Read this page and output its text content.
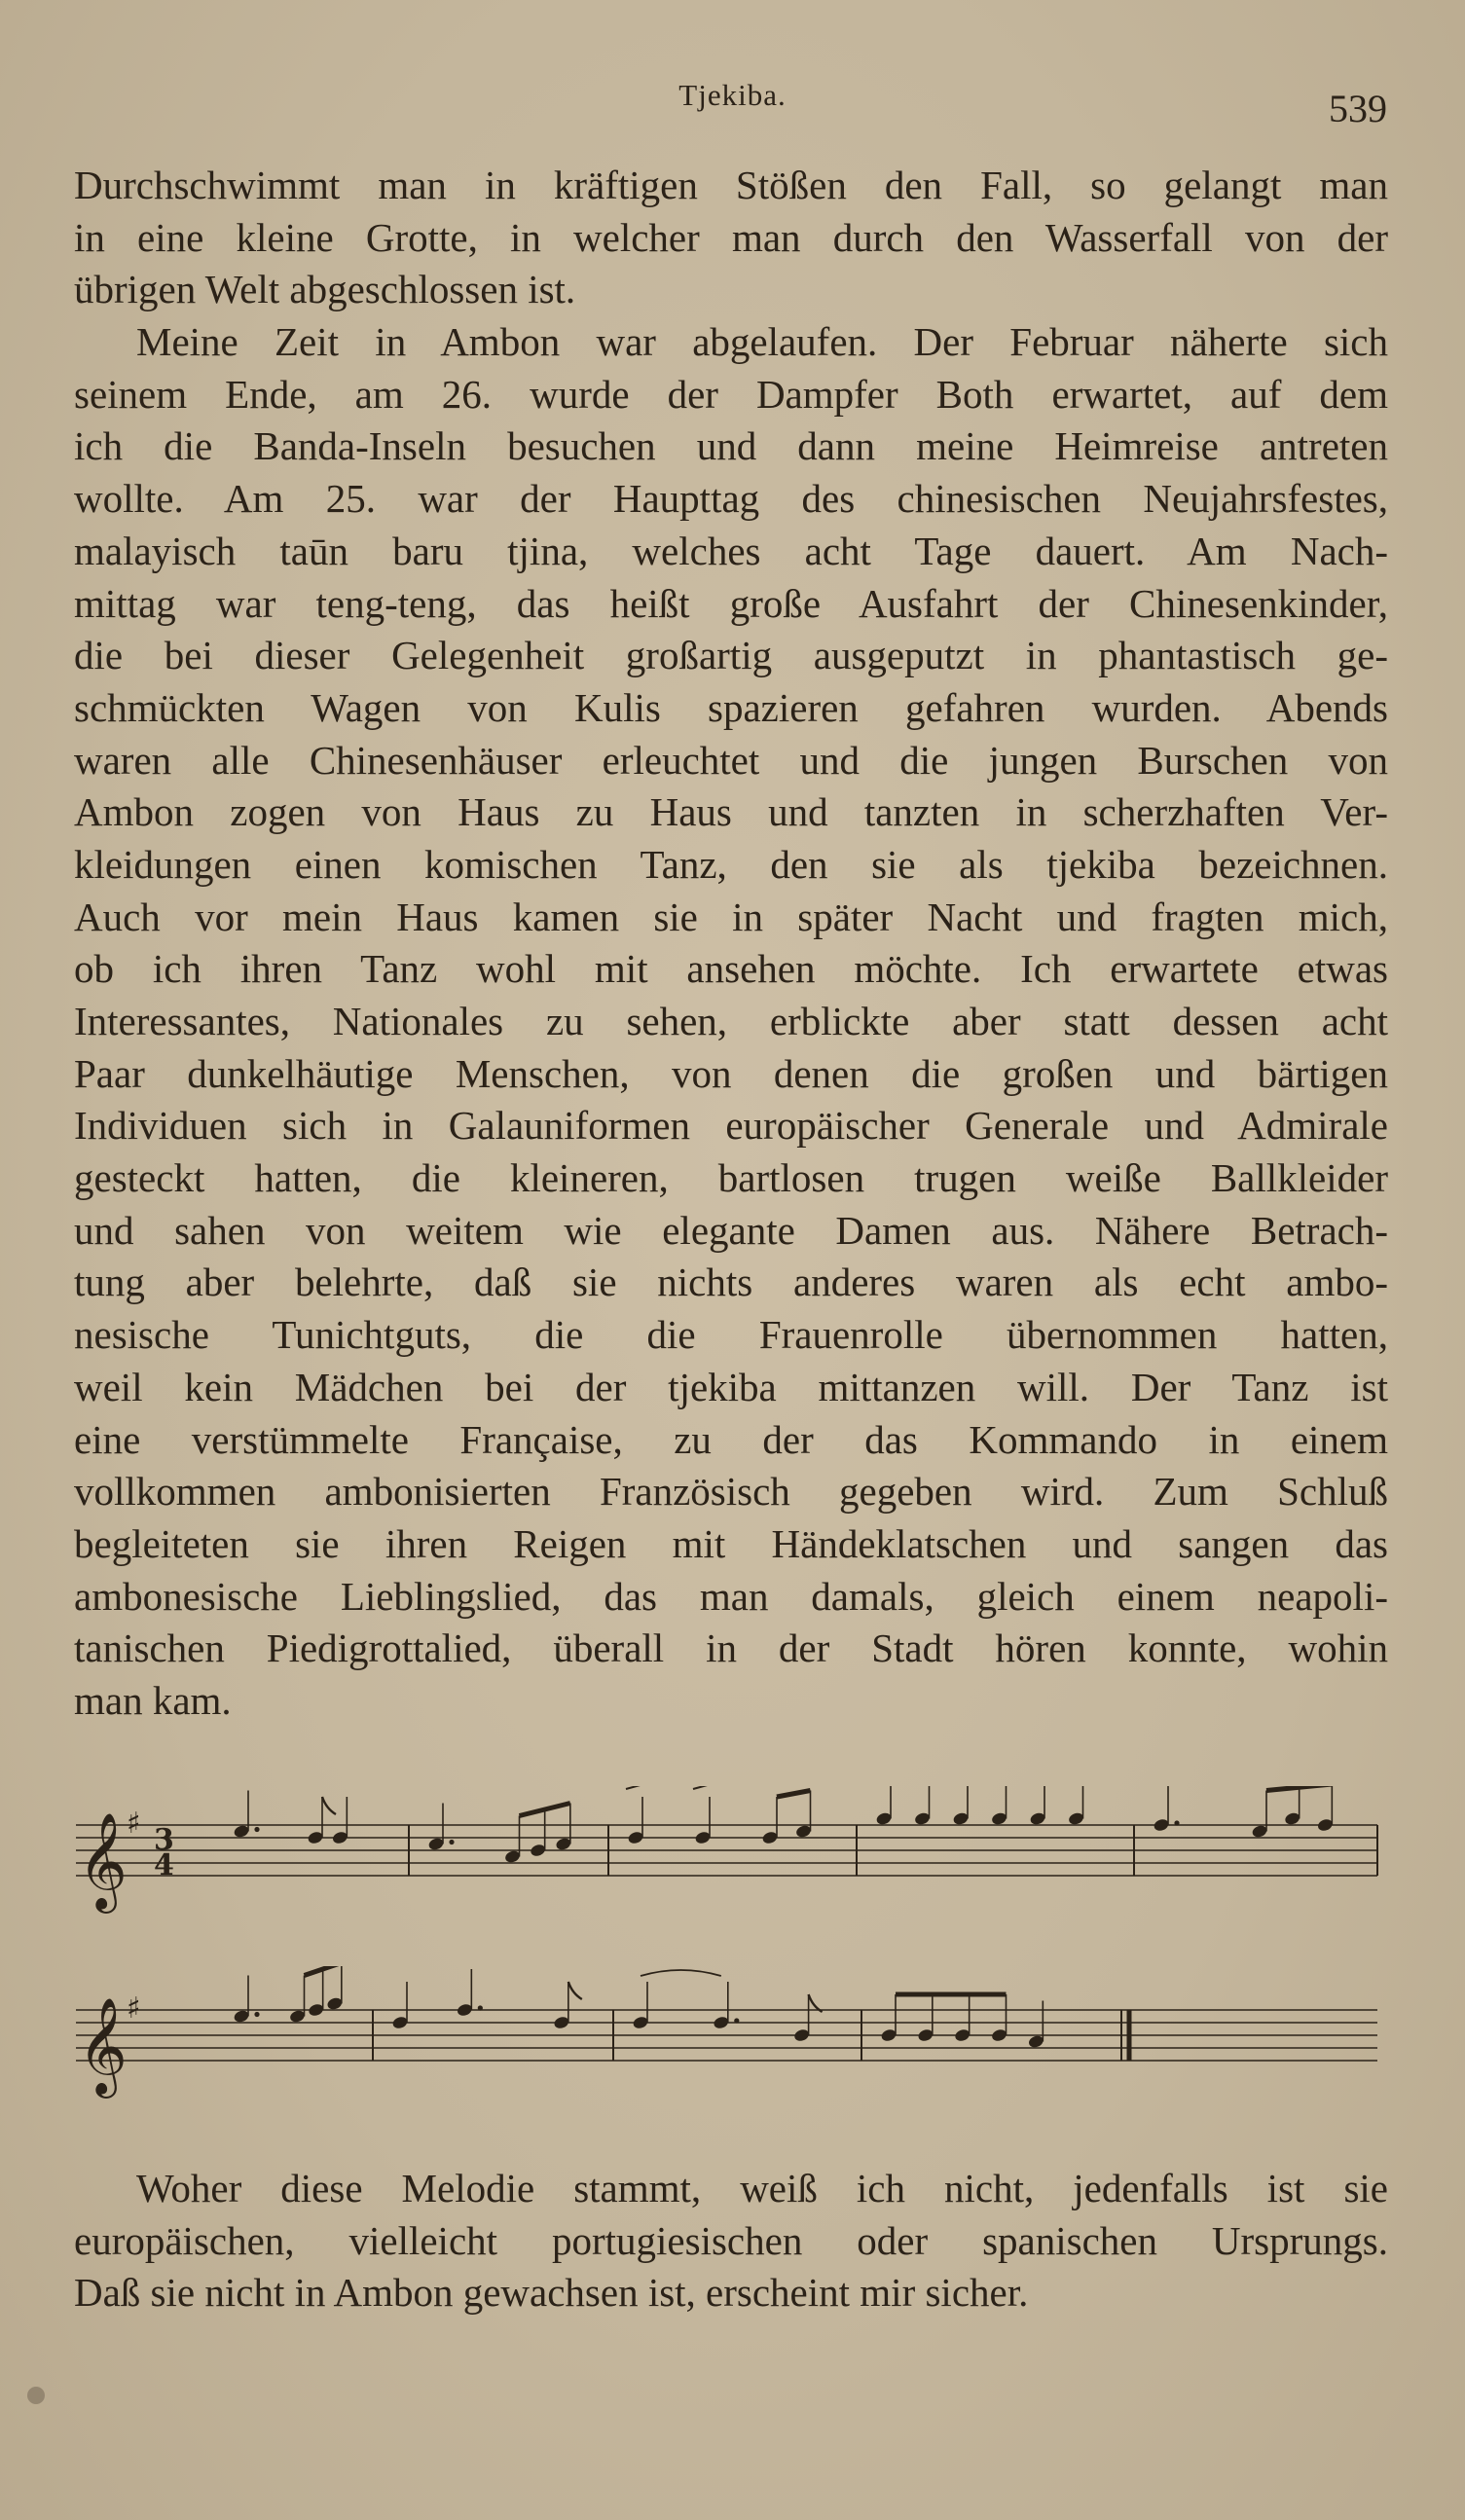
Tjekiba.	539
Durchschwimmt man in kräftigen Stößen den Fall, so gelangt man
in eine kleine Grotte, in welcher man durch den Wasserfall von der
übrigen Welt abgeschlossen ist.
Meine Zeit in Ambon war abgelaufen. Der Februar näherte sich
seinem Ende, am 26. wurde der Dampfer Both erwartet, auf dem
ich die Banda-Inseln besuchen und dann meine Heimreise antreten
wollte. Am 25. war der Haupttag des chinesischen Neujahrsfestes,
malayisch taūn baru tjina, welches acht Tage dauert. Am Nach-
mittag war teng-teng, das heißt große Ausfahrt der Chinesenkinder,
die bei dieser Gelegenheit großartig ausgeputzt in phantastisch ge-
schmückten Wagen von Kulis spazieren gefahren wurden. Abends
waren alle Chinesenhäuser erleuchtet und die jungen Burschen von
Ambon zogen von Haus zu Haus und tanzten in scherzhaften Ver-
kleidungen einen komischen Tanz, den sie als tjekiba bezeichnen.
Auch vor mein Haus kamen sie in später Nacht und fragten mich,
ob ich ihren Tanz wohl mit ansehen möchte. Ich erwartete etwas
Interessantes, Nationales zu sehen, erblickte aber statt dessen acht
Paar dunkelhäutige Menschen, von denen die großen und bärtigen
Individuen sich in Galauniformen europäischer Generale und Admirale
gesteckt hatten, die kleineren, bartlosen trugen weiße Ballkleider
und sahen von weitem wie elegante Damen aus. Nähere Betrach-
tung aber belehrte, daß sie nichts anderes waren als echt ambo-
nesische Tunichtguts, die die Frauenrolle übernommen hatten,
weil kein Mädchen bei der tjekiba mittanzen will. Der Tanz ist
eine verstümmelte Française, zu der das Kommando in einem
vollkommen ambonisierten Französisch gegeben wird. Zum Schluß
begleiteten sie ihren Reigen mit Händeklatschen und sangen das
ambonesische Lieblingslied, das man damals, gleich einem neapoli-
tanischen Piedigrottalied, überall in der Stadt hören konnte, wohin
man kam.
𝄞 ♯ 3
4
𝄞 ♯
Woher diese Melodie stammt, weiß ich nicht, jedenfalls ist sie
europäischen, vielleicht portugiesischen oder spanischen Ursprungs.
Daß sie nicht in Ambon gewachsen ist, erscheint mir sicher.
